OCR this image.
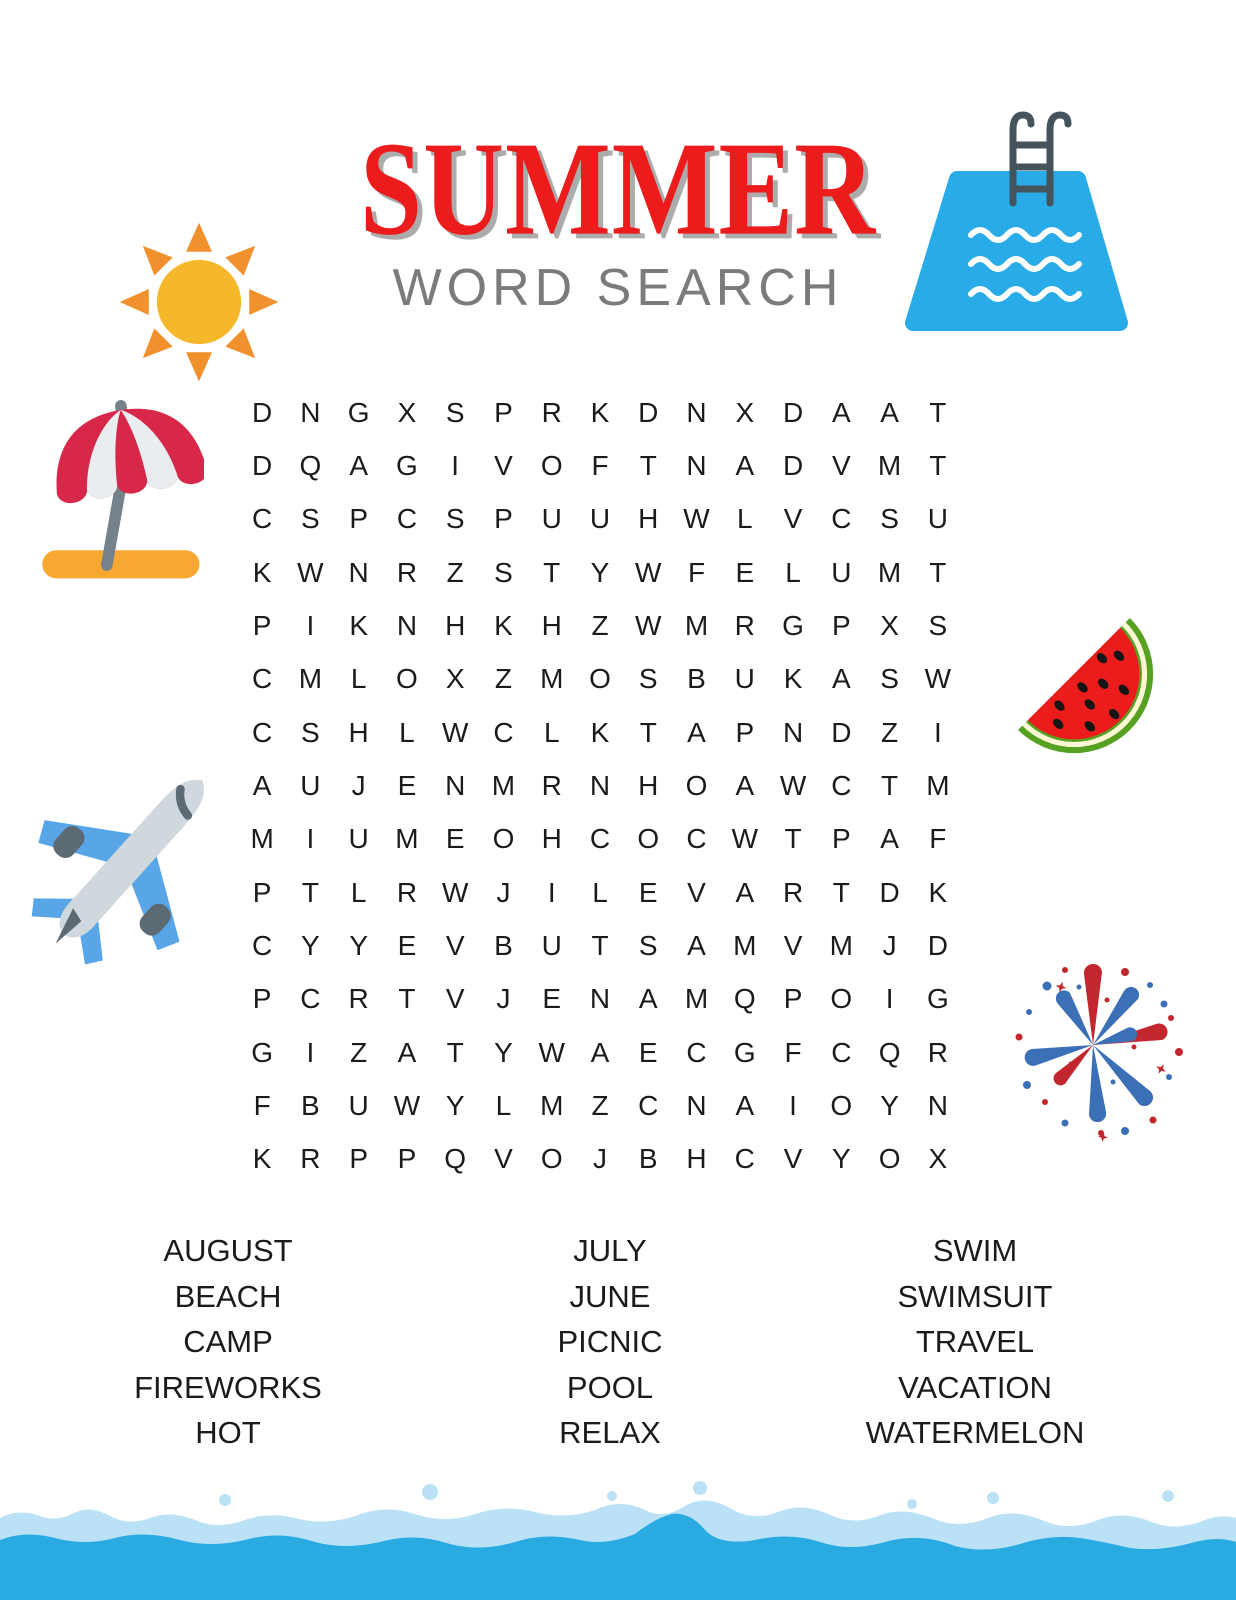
SUMMER
WORD SEARCH
D	N G	X	S	P	R	K	D	N	X	D	A	A	T
D Q	A	G	I	V	O	F	T	N	A	D	V M	T
C	S	P	C	S	P	U	U	H W L	V	C	S	U
K W N	R	Z	S	T	Y W F	E	L	U M	T
P	I	K	N	H	K	H	Z W M R G	P	X	S
C M	L	O	X	Z	M O	S	B	U	K	A	S W
C	S	H	L W C	L	K	T	A	P	N	D	Z	I
A	U	J	E	N M R	N	H O	A W C	T	M
M	I	U M E	O H	C O C W T	P	A	F
P	T	L	R W	J	I	L	E	V	A	R	T	D	K
C	Y	Y	E	V	B	U	T	S	A M V M	J	D
P	C	R	T	V	J	E	N	A M Q	P	O	I	G
G	I	Z	A	T	Y W A	E	C G	F	C Q R
F	B	U W Y	L	M	Z	C	N	A	I	O	Y	N
K	R	P	P	Q	V	O	J	B	H	C	V	Y	O	X
AUGUST
BEACH
CAMP
FIREWORKS
HOT
JULY
JUNE
PICNIC
POOL
RELAX
SWIM
SWIMSUIT
TRAVEL
VACATION
WATERMELON
